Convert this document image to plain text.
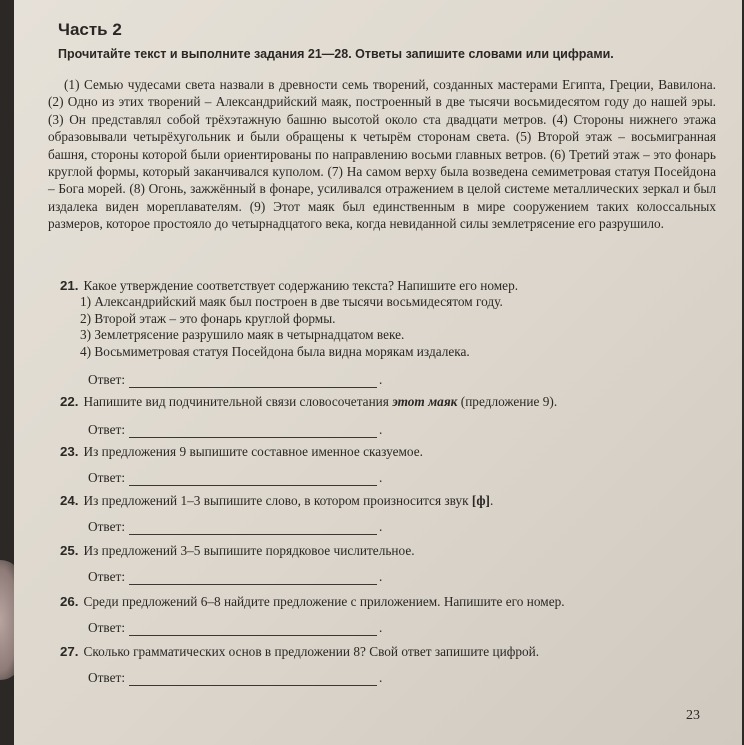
Часть 2
Прочитайте текст и выполните задания 21—28. Ответы запишите словами или цифрами.
(1) Семью чудесами света назвали в древности семь творений, созданных мастерами Египта, Греции, Вавилона. (2) Одно из этих творений – Александрийский маяк, построенный в две тысячи восьмидесятом году до нашей эры. (3) Он представлял собой трёхэтажную башню высотой около ста двадцати метров. (4) Стороны нижнего этажа образовывали четырёхугольник и были обращены к четырём сторонам света. (5) Второй этаж – восьмигранная башня, стороны которой были ориентированы по направлению восьми главных ветров. (6) Третий этаж – это фонарь круглой формы, который заканчивался куполом. (7) На самом верху была возведена семиметровая статуя Посейдона – Бога морей. (8) Огонь, зажжённый в фонаре, усиливался отражением в целой системе металлических зеркал и был издалека виден мореплавателям. (9) Этот маяк был единственным в мире сооружением таких колоссальных размеров, которое простояло до четырнадцатого века, когда невиданной силы землетрясение его разрушило.
21. Какое утверждение соответствует содержанию текста? Напишите его номер.
1) Александрийский маяк был построен в две тысячи восьмидесятом году.
2) Второй этаж – это фонарь круглой формы.
3) Землетрясение разрушило маяк в четырнадцатом веке.
4) Восьмиметровая статуя Посейдона была видна морякам издалека.
Ответ:	.
22. Напишите вид подчинительной связи словосочетания этот маяк (предложение 9).
Ответ:	.
23. Из предложения 9 выпишите составное именное сказуемое.
Ответ:	.
24. Из предложений 1–3 выпишите слово, в котором произносится звук [ф].
Ответ:	.
25. Из предложений 3–5 выпишите порядковое числительное.
Ответ:	.
26. Среди предложений 6–8 найдите предложение с приложением. Напишите его номер.
Ответ:	.
27. Сколько грамматических основ в предложении 8? Свой ответ запишите цифрой.
Ответ:	.
23
